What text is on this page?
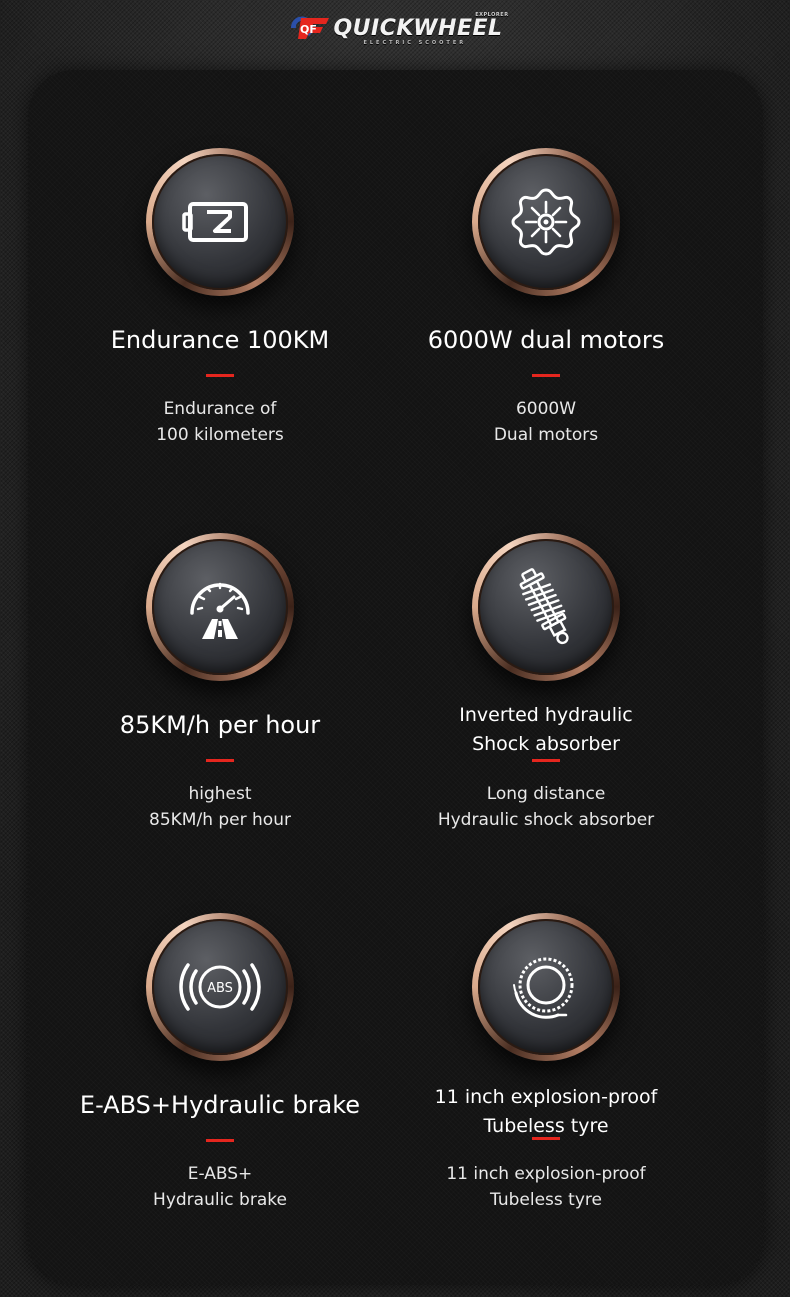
QF QUICKWHEEL
ELECTRIC SCOOTER
EXPLORER
Endurance 100KM
Endurance of
100 kilometers
6000W dual motors
6000W
Dual motors
85KM/h per hour
highest
85KM/h per hour
Inverted hydraulic
Shock absorber
Long distance
Hydraulic shock absorber
ABS
E-ABS+Hydraulic brake
E-ABS+
Hydraulic brake
11 inch explosion-proof
Tubeless tyre
11 inch explosion-proof
Tubeless tyre
